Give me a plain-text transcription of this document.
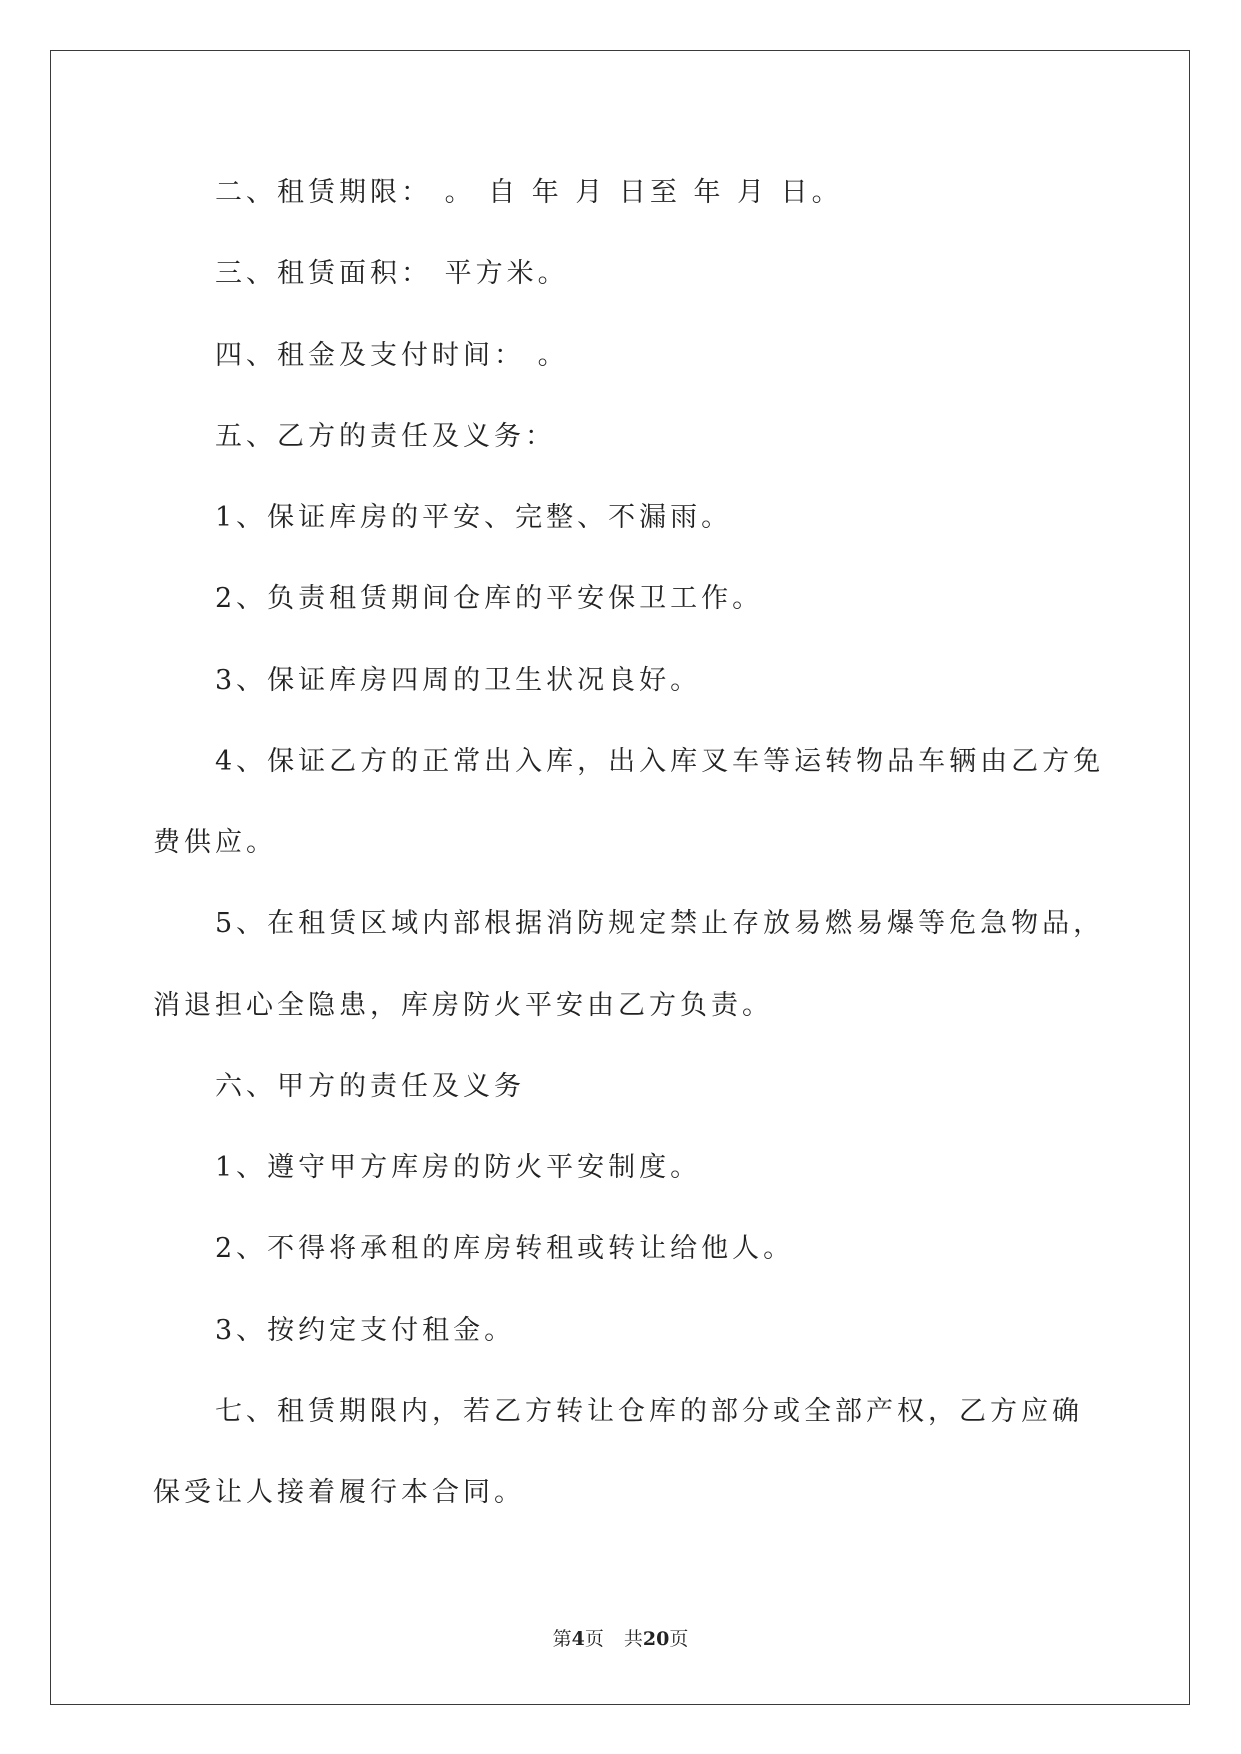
二、租赁期限： 。 自 年 月 日至 年 月 日。
三、租赁面积： 平方米。
四、租金及支付时间： 。
五、乙方的责任及义务：
1、保证库房的平安、完整、不漏雨。
2、负责租赁期间仓库的平安保卫工作。
3、保证库房四周的卫生状况良好。
4、保证乙方的正常出入库，出入库叉车等运转物品车辆由乙方免
费供应。
5、在租赁区域内部根据消防规定禁止存放易燃易爆等危急物品，
消退担心全隐患，库房防火平安由乙方负责。
六、甲方的责任及义务
1、遵守甲方库房的防火平安制度。
2、不得将承租的库房转租或转让给他人。
3、按约定支付租金。
七、租赁期限内，若乙方转让仓库的部分或全部产权，乙方应确
保受让人接着履行本合同。
第4页 共20页
